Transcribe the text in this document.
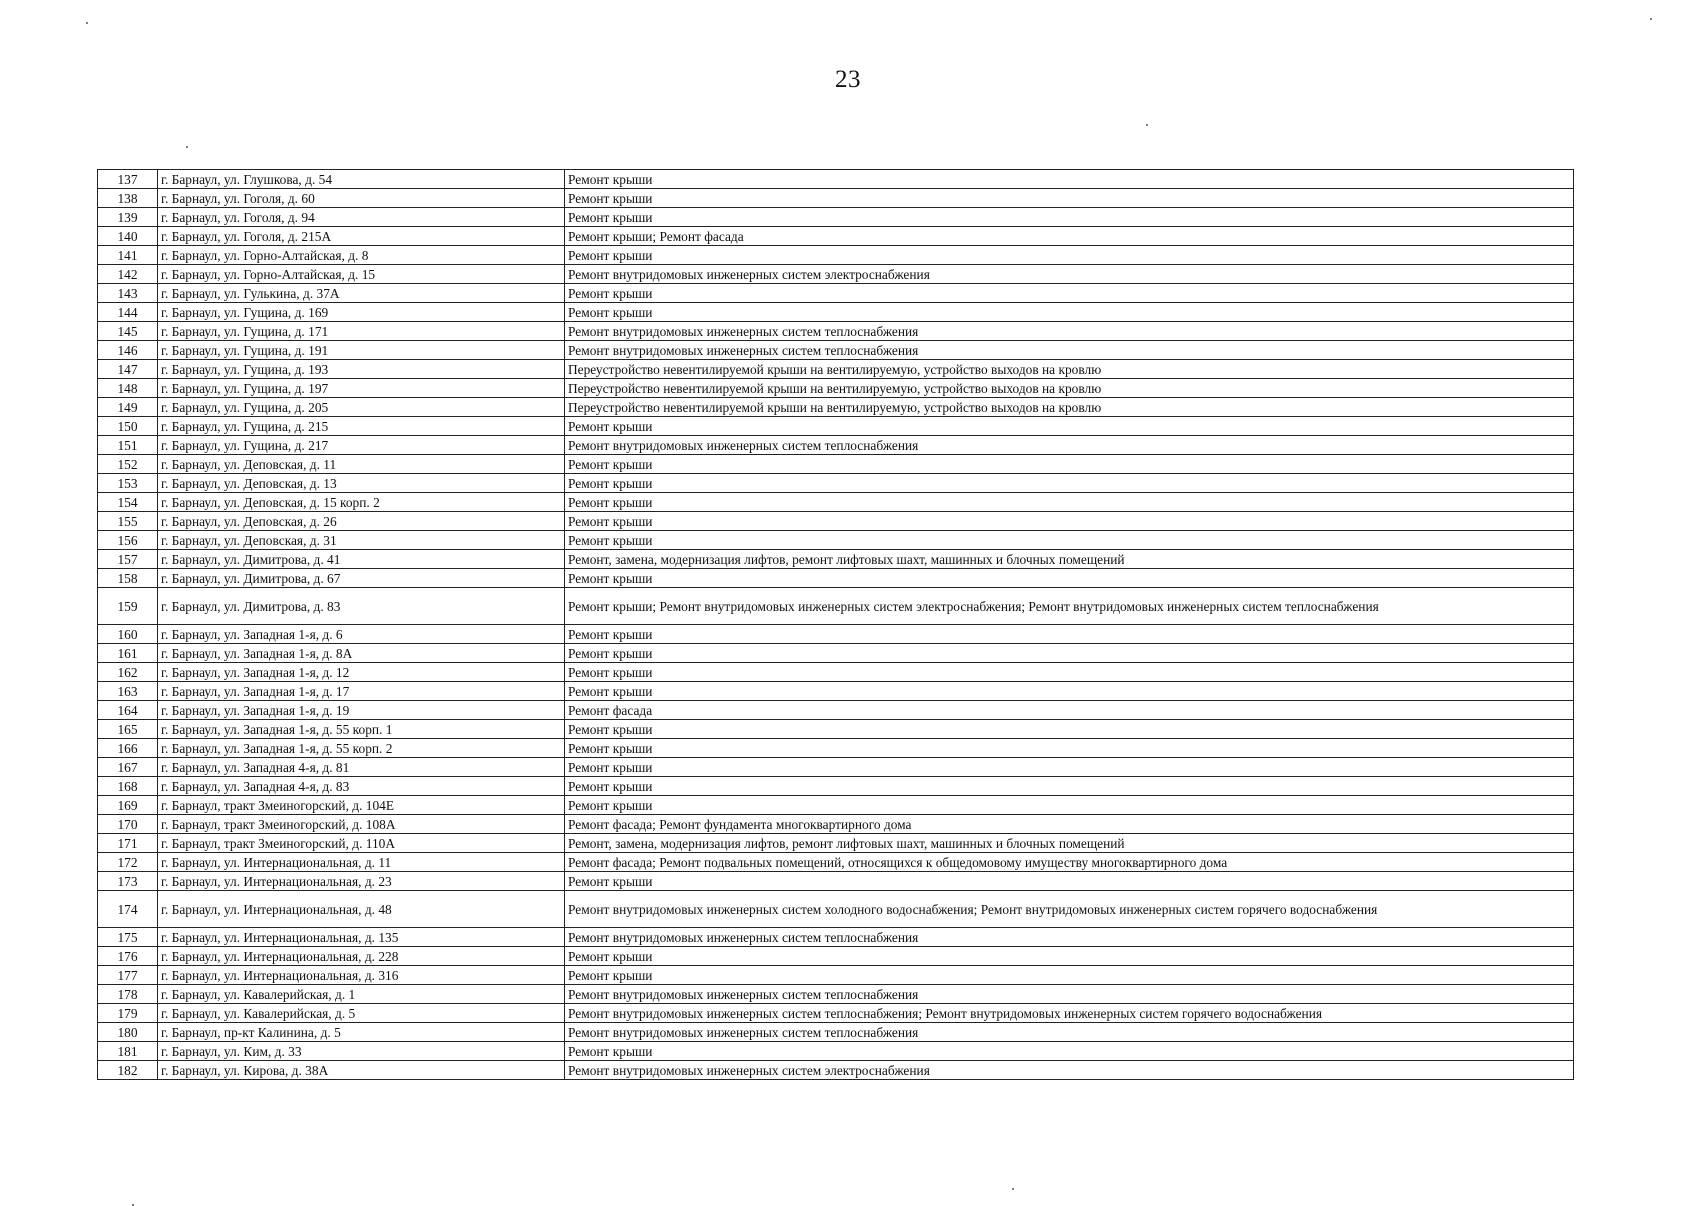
23
137	г. Барнаул, ул. Глушкова, д. 54	Ремонт крыши
138	г. Барнаул, ул. Гоголя, д. 60	Ремонт крыши
139	г. Барнаул, ул. Гоголя, д. 94	Ремонт крыши
140	г. Барнаул, ул. Гоголя, д. 215А	Ремонт крыши; Ремонт фасада
141	г. Барнаул, ул. Горно-Алтайская, д. 8	Ремонт крыши
142	г. Барнаул, ул. Горно-Алтайская, д. 15	Ремонт внутридомовых инженерных систем электроснабжения
143	г. Барнаул, ул. Гулькина, д. 37А	Ремонт крыши
144	г. Барнаул, ул. Гущина, д. 169	Ремонт крыши
145	г. Барнаул, ул. Гущина, д. 171	Ремонт внутридомовых инженерных систем теплоснабжения
146	г. Барнаул, ул. Гущина, д. 191	Ремонт внутридомовых инженерных систем теплоснабжения
147	г. Барнаул, ул. Гущина, д. 193	Переустройство невентилируемой крыши на вентилируемую, устройство выходов на кровлю
148	г. Барнаул, ул. Гущина, д. 197	Переустройство невентилируемой крыши на вентилируемую, устройство выходов на кровлю
149	г. Барнаул, ул. Гущина, д. 205	Переустройство невентилируемой крыши на вентилируемую, устройство выходов на кровлю
150	г. Барнаул, ул. Гущина, д. 215	Ремонт крыши
151	г. Барнаул, ул. Гущина, д. 217	Ремонт внутридомовых инженерных систем теплоснабжения
152	г. Барнаул, ул. Деповская, д. 11	Ремонт крыши
153	г. Барнаул, ул. Деповская, д. 13	Ремонт крыши
154	г. Барнаул, ул. Деповская, д. 15 корп. 2	Ремонт крыши
155	г. Барнаул, ул. Деповская, д. 26	Ремонт крыши
156	г. Барнаул, ул. Деповская, д. 31	Ремонт крыши
157	г. Барнаул, ул. Димитрова, д. 41	Ремонт, замена, модернизация лифтов, ремонт лифтовых шахт, машинных и блочных помещений
158	г. Барнаул, ул. Димитрова, д. 67	Ремонт крыши
159	г. Барнаул, ул. Димитрова, д. 83	Ремонт крыши; Ремонт внутридомовых инженерных систем электроснабжения; Ремонт внутридомовых инженерных систем теплоснабжения
160	г. Барнаул, ул. Западная 1-я, д. 6	Ремонт крыши
161	г. Барнаул, ул. Западная 1-я, д. 8А	Ремонт крыши
162	г. Барнаул, ул. Западная 1-я, д. 12	Ремонт крыши
163	г. Барнаул, ул. Западная 1-я, д. 17	Ремонт крыши
164	г. Барнаул, ул. Западная 1-я, д. 19	Ремонт фасада
165	г. Барнаул, ул. Западная 1-я, д. 55 корп. 1	Ремонт крыши
166	г. Барнаул, ул. Западная 1-я, д. 55 корп. 2	Ремонт крыши
167	г. Барнаул, ул. Западная 4-я, д. 81	Ремонт крыши
168	г. Барнаул, ул. Западная 4-я, д. 83	Ремонт крыши
169	г. Барнаул, тракт Змеиногорский, д. 104Е	Ремонт крыши
170	г. Барнаул, тракт Змеиногорский, д. 108А	Ремонт фасада; Ремонт фундамента многоквартирного дома
171	г. Барнаул, тракт Змеиногорский, д. 110А	Ремонт, замена, модернизация лифтов, ремонт лифтовых шахт, машинных и блочных помещений
172	г. Барнаул, ул. Интернациональная, д. 11	Ремонт фасада; Ремонт подвальных помещений, относящихся к общедомовому имуществу многоквартирного дома
173	г. Барнаул, ул. Интернациональная, д. 23	Ремонт крыши
174	г. Барнаул, ул. Интернациональная, д. 48	Ремонт внутридомовых инженерных систем холодного водоснабжения; Ремонт внутридомовых инженерных систем горячего водоснабжения
175	г. Барнаул, ул. Интернациональная, д. 135	Ремонт внутридомовых инженерных систем теплоснабжения
176	г. Барнаул, ул. Интернациональная, д. 228	Ремонт крыши
177	г. Барнаул, ул. Интернациональная, д. 316	Ремонт крыши
178	г. Барнаул, ул. Кавалерийская, д. 1	Ремонт внутридомовых инженерных систем теплоснабжения
179	г. Барнаул, ул. Кавалерийская, д. 5	Ремонт внутридомовых инженерных систем теплоснабжения; Ремонт внутридомовых инженерных систем горячего водоснабжения
180	г. Барнаул, пр-кт Калинина, д. 5	Ремонт внутридомовых инженерных систем теплоснабжения
181	г. Барнаул, ул. Ким, д. 33	Ремонт крыши
182	г. Барнаул, ул. Кирова, д. 38А	Ремонт внутридомовых инженерных систем электроснабжения
